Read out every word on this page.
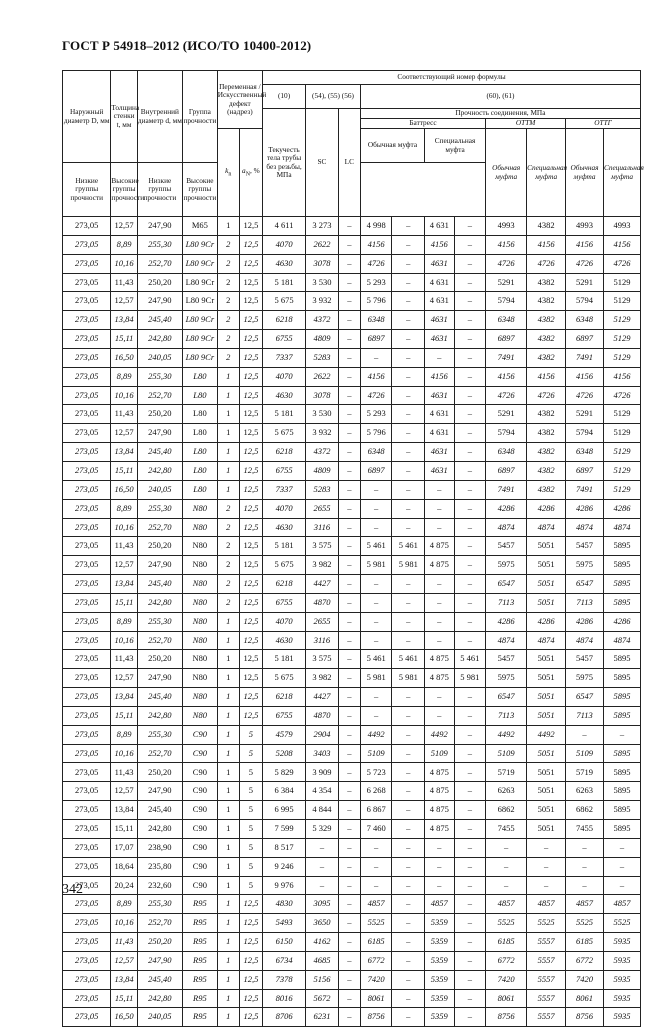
ГОСТ Р 54918–2012 (ИСО/ТО 10400-2012)
Наружный диаметр D, мм	Толщина стенки t, мм	Внутренний диаметр d, мм	Группа прочности	Переменная /Искусственный дефект (надрез)		Соответствующий номер формулы										
						(10)	(54), (55) (56)		(60), (61)							
						Текучесть тела трубы без резьбы, МПа	SC	LC	Прочность соединения, МПа							
									Баттресс				ОТТМ		ОТТГ	
				$k_n$	$a_N$, %				Обычная муфта		Специальная муфта		Обычная муфта	Специальная муфта	Обычная муфта	Специальная муфта
Низкие группы прочности	Высокие группы прочности	Низкие группы прочности	Высокие группы прочности													
273,05	12,57	247,90	M65	1	12,5	4 611	3 273	–	4 998	–	4 631	–	4993	4382	4993	4993
273,05	8,89	255,30	L80 9Cr	2	12,5	4070	2622	–	4156	–	4156	–	4156	4156	4156	4156
273,05	10,16	252,70	L80 9Cr	2	12,5	4630	3078	–	4726	–	4631	–	4726	4726	4726	4726
273,05	11,43	250,20	L80 9Cr	2	12,5	5 181	3 530	–	5 293	–	4 631	–	5291	4382	5291	5129
273,05	12,57	247,90	L80 9Cr	2	12,5	5 675	3 932	–	5 796	–	4 631	–	5794	4382	5794	5129
273,05	13,84	245,40	L80 9Cr	2	12,5	6218	4372	–	6348	–	4631	–	6348	4382	6348	5129
273,05	15,11	242,80	L80 9Cr	2	12,5	6755	4809	–	6897	–	4631	–	6897	4382	6897	5129
273,05	16,50	240,05	L80 9Cr	2	12,5	7337	5283	–	–	–	–	–	7491	4382	7491	5129
273,05	8,89	255,30	L80	1	12,5	4070	2622	–	4156	–	4156	–	4156	4156	4156	4156
273,05	10,16	252,70	L80	1	12,5	4630	3078	–	4726	–	4631	–	4726	4726	4726	4726
273,05	11,43	250,20	L80	1	12,5	5 181	3 530	–	5 293	–	4 631	–	5291	4382	5291	5129
273,05	12,57	247,90	L80	1	12,5	5 675	3 932	–	5 796	–	4 631	–	5794	4382	5794	5129
273,05	13,84	245,40	L80	1	12,5	6218	4372	–	6348	–	4631	–	6348	4382	6348	5129
273,05	15,11	242,80	L80	1	12,5	6755	4809	–	6897	–	4631	–	6897	4382	6897	5129
273,05	16,50	240,05	L80	1	12,5	7337	5283	–	–	–	–	–	7491	4382	7491	5129
273,05	8,89	255,30	N80	2	12,5	4070	2655	–	–	–	–	–	4286	4286	4286	4286
273,05	10,16	252,70	N80	2	12,5	4630	3116	–	–	–	–	–	4874	4874	4874	4874
273,05	11,43	250,20	N80	2	12,5	5 181	3 575	–	5 461	5 461	4 875	–	5457	5051	5457	5895
273,05	12,57	247,90	N80	2	12,5	5 675	3 982	–	5 981	5 981	4 875	–	5975	5051	5975	5895
273,05	13,84	245,40	N80	2	12,5	6218	4427	–	–	–	–	–	6547	5051	6547	5895
273,05	15,11	242,80	N80	2	12,5	6755	4870	–	–	–	–	–	7113	5051	7113	5895
273,05	8,89	255,30	N80	1	12,5	4070	2655	–	–	–	–	–	4286	4286	4286	4286
273,05	10,16	252,70	N80	1	12,5	4630	3116	–	–	–	–	–	4874	4874	4874	4874
273,05	11,43	250,20	N80	1	12,5	5 181	3 575	–	5 461	5 461	4 875	5 461	5457	5051	5457	5895
273,05	12,57	247,90	N80	1	12,5	5 675	3 982	–	5 981	5 981	4 875	5 981	5975	5051	5975	5895
273,05	13,84	245,40	N80	1	12,5	6218	4427	–	–	–	–	–	6547	5051	6547	5895
273,05	15,11	242,80	N80	1	12,5	6755	4870	–	–	–	–	–	7113	5051	7113	5895
273,05	8,89	255,30	C90	1	5	4579	2904	–	4492	–	4492	–	4492	4492	–	–
273,05	10,16	252,70	C90	1	5	5208	3403	–	5109	–	5109	–	5109	5051	5109	5895
273,05	11,43	250,20	C90	1	5	5 829	3 909	–	5 723	–	4 875	–	5719	5051	5719	5895
273,05	12,57	247,90	C90	1	5	6 384	4 354	–	6 268	–	4 875	–	6263	5051	6263	5895
273,05	13,84	245,40	C90	1	5	6 995	4 844	–	6 867	–	4 875	–	6862	5051	6862	5895
273,05	15,11	242,80	C90	1	5	7 599	5 329	–	7 460	–	4 875	–	7455	5051	7455	5895
273,05	17,07	238,90	C90	1	5	8 517	–	–	–	–	–	–	–	–	–	–
273,05	18,64	235,80	C90	1	5	9 246	–	–	–	–	–	–	–	–	–	–
273,05	20,24	232,60	C90	1	5	9 976	–	–	–	–	–	–	–	–	–	–
273,05	8,89	255,30	R95	1	12,5	4830	3095	–	4857	–	4857	–	4857	4857	4857	4857
273,05	10,16	252,70	R95	1	12,5	5493	3650	–	5525	–	5359	–	5525	5525	5525	5525
273,05	11,43	250,20	R95	1	12,5	6150	4162	–	6185	–	5359	–	6185	5557	6185	5935
273,05	12,57	247,90	R95	1	12,5	6734	4685	–	6772	–	5359	–	6772	5557	6772	5935
273,05	13,84	245,40	R95	1	12,5	7378	5156	–	7420	–	5359	–	7420	5557	7420	5935
273,05	15,11	242,80	R95	1	12,5	8016	5672	–	8061	–	5359	–	8061	5557	8061	5935
273,05	16,50	240,05	R95	1	12,5	8706	6231	–	8756	–	5359	–	8756	5557	8756	5935
342
